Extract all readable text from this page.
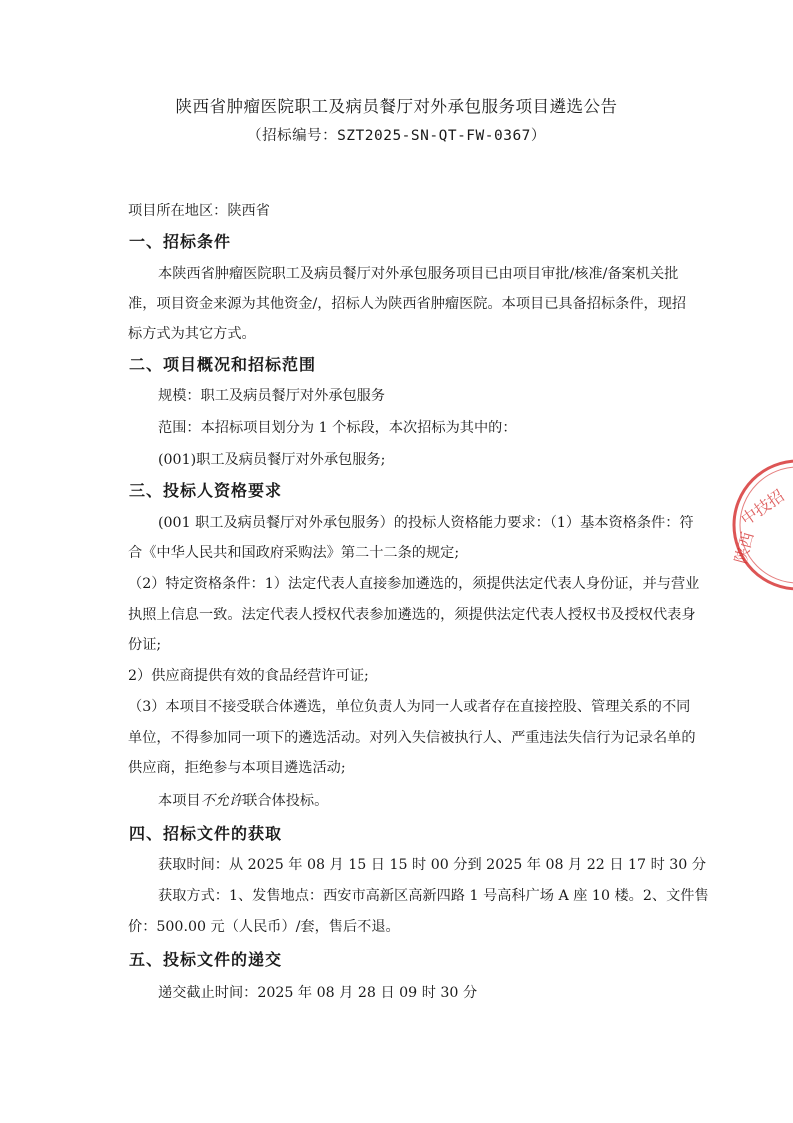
陕西省肿瘤医院职工及病员餐厅对外承包服务项目遴选公告
（招标编号：SZT2025-SN-QT-FW-0367）
项目所在地区：陕西省
一、招标条件
本陕西省肿瘤医院职工及病员餐厅对外承包服务项目已由项目审批/核准/备案机关批
准，项目资金来源为其他资金/，招标人为陕西省肿瘤医院。本项目已具备招标条件，现招
标方式为其它方式。
二、项目概况和招标范围
规模：职工及病员餐厅对外承包服务
范围：本招标项目划分为 1 个标段，本次招标为其中的：
(001)职工及病员餐厅对外承包服务;
三、投标人资格要求
(001 职工及病员餐厅对外承包服务）的投标人资格能力要求：（1）基本资格条件：符
合《中华人民共和国政府采购法》第二十二条的规定;
（2）特定资格条件：1）法定代表人直接参加遴选的，须提供法定代表人身份证，并与营业
执照上信息一致。法定代表人授权代表参加遴选的，须提供法定代表人授权书及授权代表身
份证;
2）供应商提供有效的食品经营许可证;
（3）本项目不接受联合体遴选，单位负责人为同一人或者存在直接控股、管理关系的不同
单位，不得参加同一项下的遴选活动。对列入失信被执行人、严重违法失信行为记录名单的
供应商，拒绝参与本项目遴选活动;
本项目不允许联合体投标。
四、招标文件的获取
获取时间：从 2025 年 08 月 15 日 15 时 00 分到 2025 年 08 月 22 日 17 时 30 分
获取方式：1、发售地点：西安市高新区高新四路 1 号高科广场 A 座 10 楼。2、文件售
价：500.00 元（人民币）/套，售后不退。
五、投标文件的递交
递交截止时间：2025 年 08 月 28 日 09 时 30 分
中技招
陕西
